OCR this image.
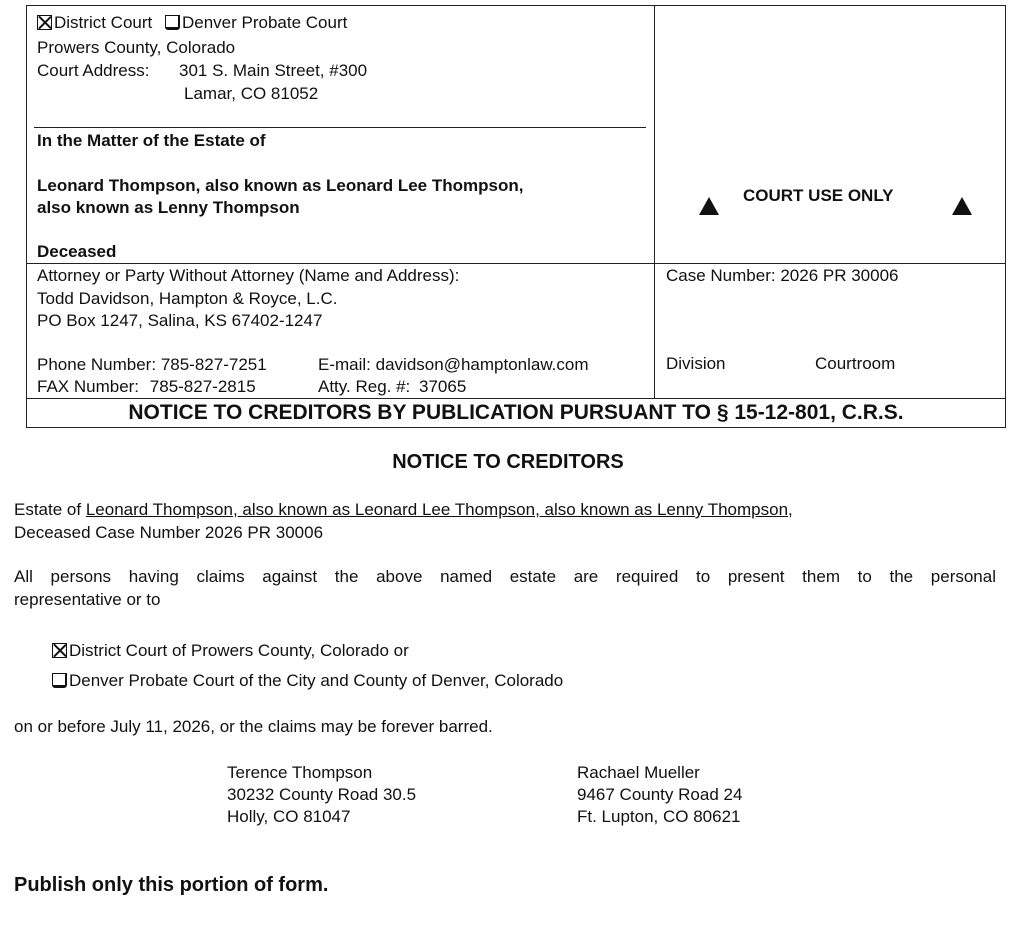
District Court Denver Probate Court
Prowers County, Colorado
Court Address: 301 S. Main Street, #300
Lamar, CO 81052
In the Matter of the Estate of
Leonard Thompson, also known as Leonard Lee Thompson,
also known as Lenny Thompson
Deceased
COURT USE ONLY
Attorney or Party Without Attorney (Name and Address):
Todd Davidson, Hampton & Royce, L.C.
PO Box 1247, Salina, KS 67402-1247
Phone Number: 785-827-7251	E-mail: davidson@hamptonlaw.com
FAX Number: 785-827-2815	Atty. Reg. #: 37065
Case Number: 2026 PR 30006
Division	Courtroom
NOTICE TO CREDITORS BY PUBLICATION PURSUANT TO § 15-12-801, C.R.S.
NOTICE TO CREDITORS
Estate of Leonard Thompson, also known as Leonard Lee Thompson, also known as Lenny Thompson,
Deceased Case Number 2026 PR 30006
All persons having claims against the above named estate are required to present them to the personal
representative or to
District Court of Prowers County, Colorado or
Denver Probate Court of the City and County of Denver, Colorado
on or before July 11, 2026, or the claims may be forever barred.
Terence Thompson
30232 County Road 30.5
Holly, CO 81047
Rachael Mueller
9467 County Road 24
Ft. Lupton, CO 80621
Publish only this portion of form.
